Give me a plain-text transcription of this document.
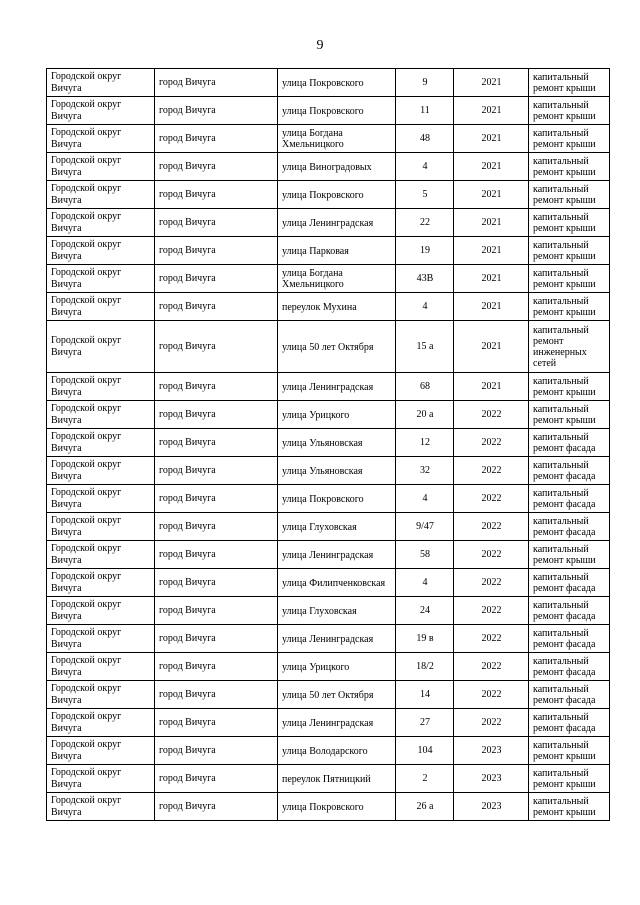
9
Городской округ Вичуга	город Вичуга	улица Покровского	9	2021	капитальный ремонт крыши
Городской округ Вичуга	город Вичуга	улица Покровского	11	2021	капитальный ремонт крыши
Городской округ Вичуга	город Вичуга	улица Богдана Хмельницкого	48	2021	капитальный ремонт крыши
Городской округ Вичуга	город Вичуга	улица Виноградовых	4	2021	капитальный ремонт крыши
Городской округ Вичуга	город Вичуга	улица Покровского	5	2021	капитальный ремонт крыши
Городской округ Вичуга	город Вичуга	улица Ленинградская	22	2021	капитальный ремонт крыши
Городской округ Вичуга	город Вичуга	улица Парковая	19	2021	капитальный ремонт крыши
Городской округ Вичуга	город Вичуга	улица Богдана Хмельницкого	43В	2021	капитальный ремонт крыши
Городской округ Вичуга	город Вичуга	переулок Мухина	4	2021	капитальный ремонт крыши
Городской округ Вичуга	город Вичуга	улица 50 лет Октября	15 а	2021	капитальный ремонт инженерных сетей
Городской округ Вичуга	город Вичуга	улица Ленинградская	68	2021	капитальный ремонт крыши
Городской округ Вичуга	город Вичуга	улица Урицкого	20 а	2022	капитальный ремонт крыши
Городской округ Вичуга	город Вичуга	улица Ульяновская	12	2022	капитальный ремонт фасада
Городской округ Вичуга	город Вичуга	улица Ульяновская	32	2022	капитальный ремонт фасада
Городской округ Вичуга	город Вичуга	улица Покровского	4	2022	капитальный ремонт фасада
Городской округ Вичуга	город Вичуга	улица Глуховская	9/47	2022	капитальный ремонт фасада
Городской округ Вичуга	город Вичуга	улица Ленинградская	58	2022	капитальный ремонт крыши
Городской округ Вичуга	город Вичуга	улица Филипченковская	4	2022	капитальный ремонт фасада
Городской округ Вичуга	город Вичуга	улица Глуховская	24	2022	капитальный ремонт фасада
Городской округ Вичуга	город Вичуга	улица Ленинградская	19 в	2022	капитальный ремонт фасада
Городской округ Вичуга	город Вичуга	улица Урицкого	18/2	2022	капитальный ремонт фасада
Городской округ Вичуга	город Вичуга	улица 50 лет Октября	14	2022	капитальный ремонт фасада
Городской округ Вичуга	город Вичуга	улица Ленинградская	27	2022	капитальный ремонт фасада
Городской округ Вичуга	город Вичуга	улица Володарского	104	2023	капитальный ремонт крыши
Городской округ Вичуга	город Вичуга	переулок Пятницкий	2	2023	капитальный ремонт крыши
Городской округ Вичуга	город Вичуга	улица Покровского	26 а	2023	капитальный ремонт крыши
